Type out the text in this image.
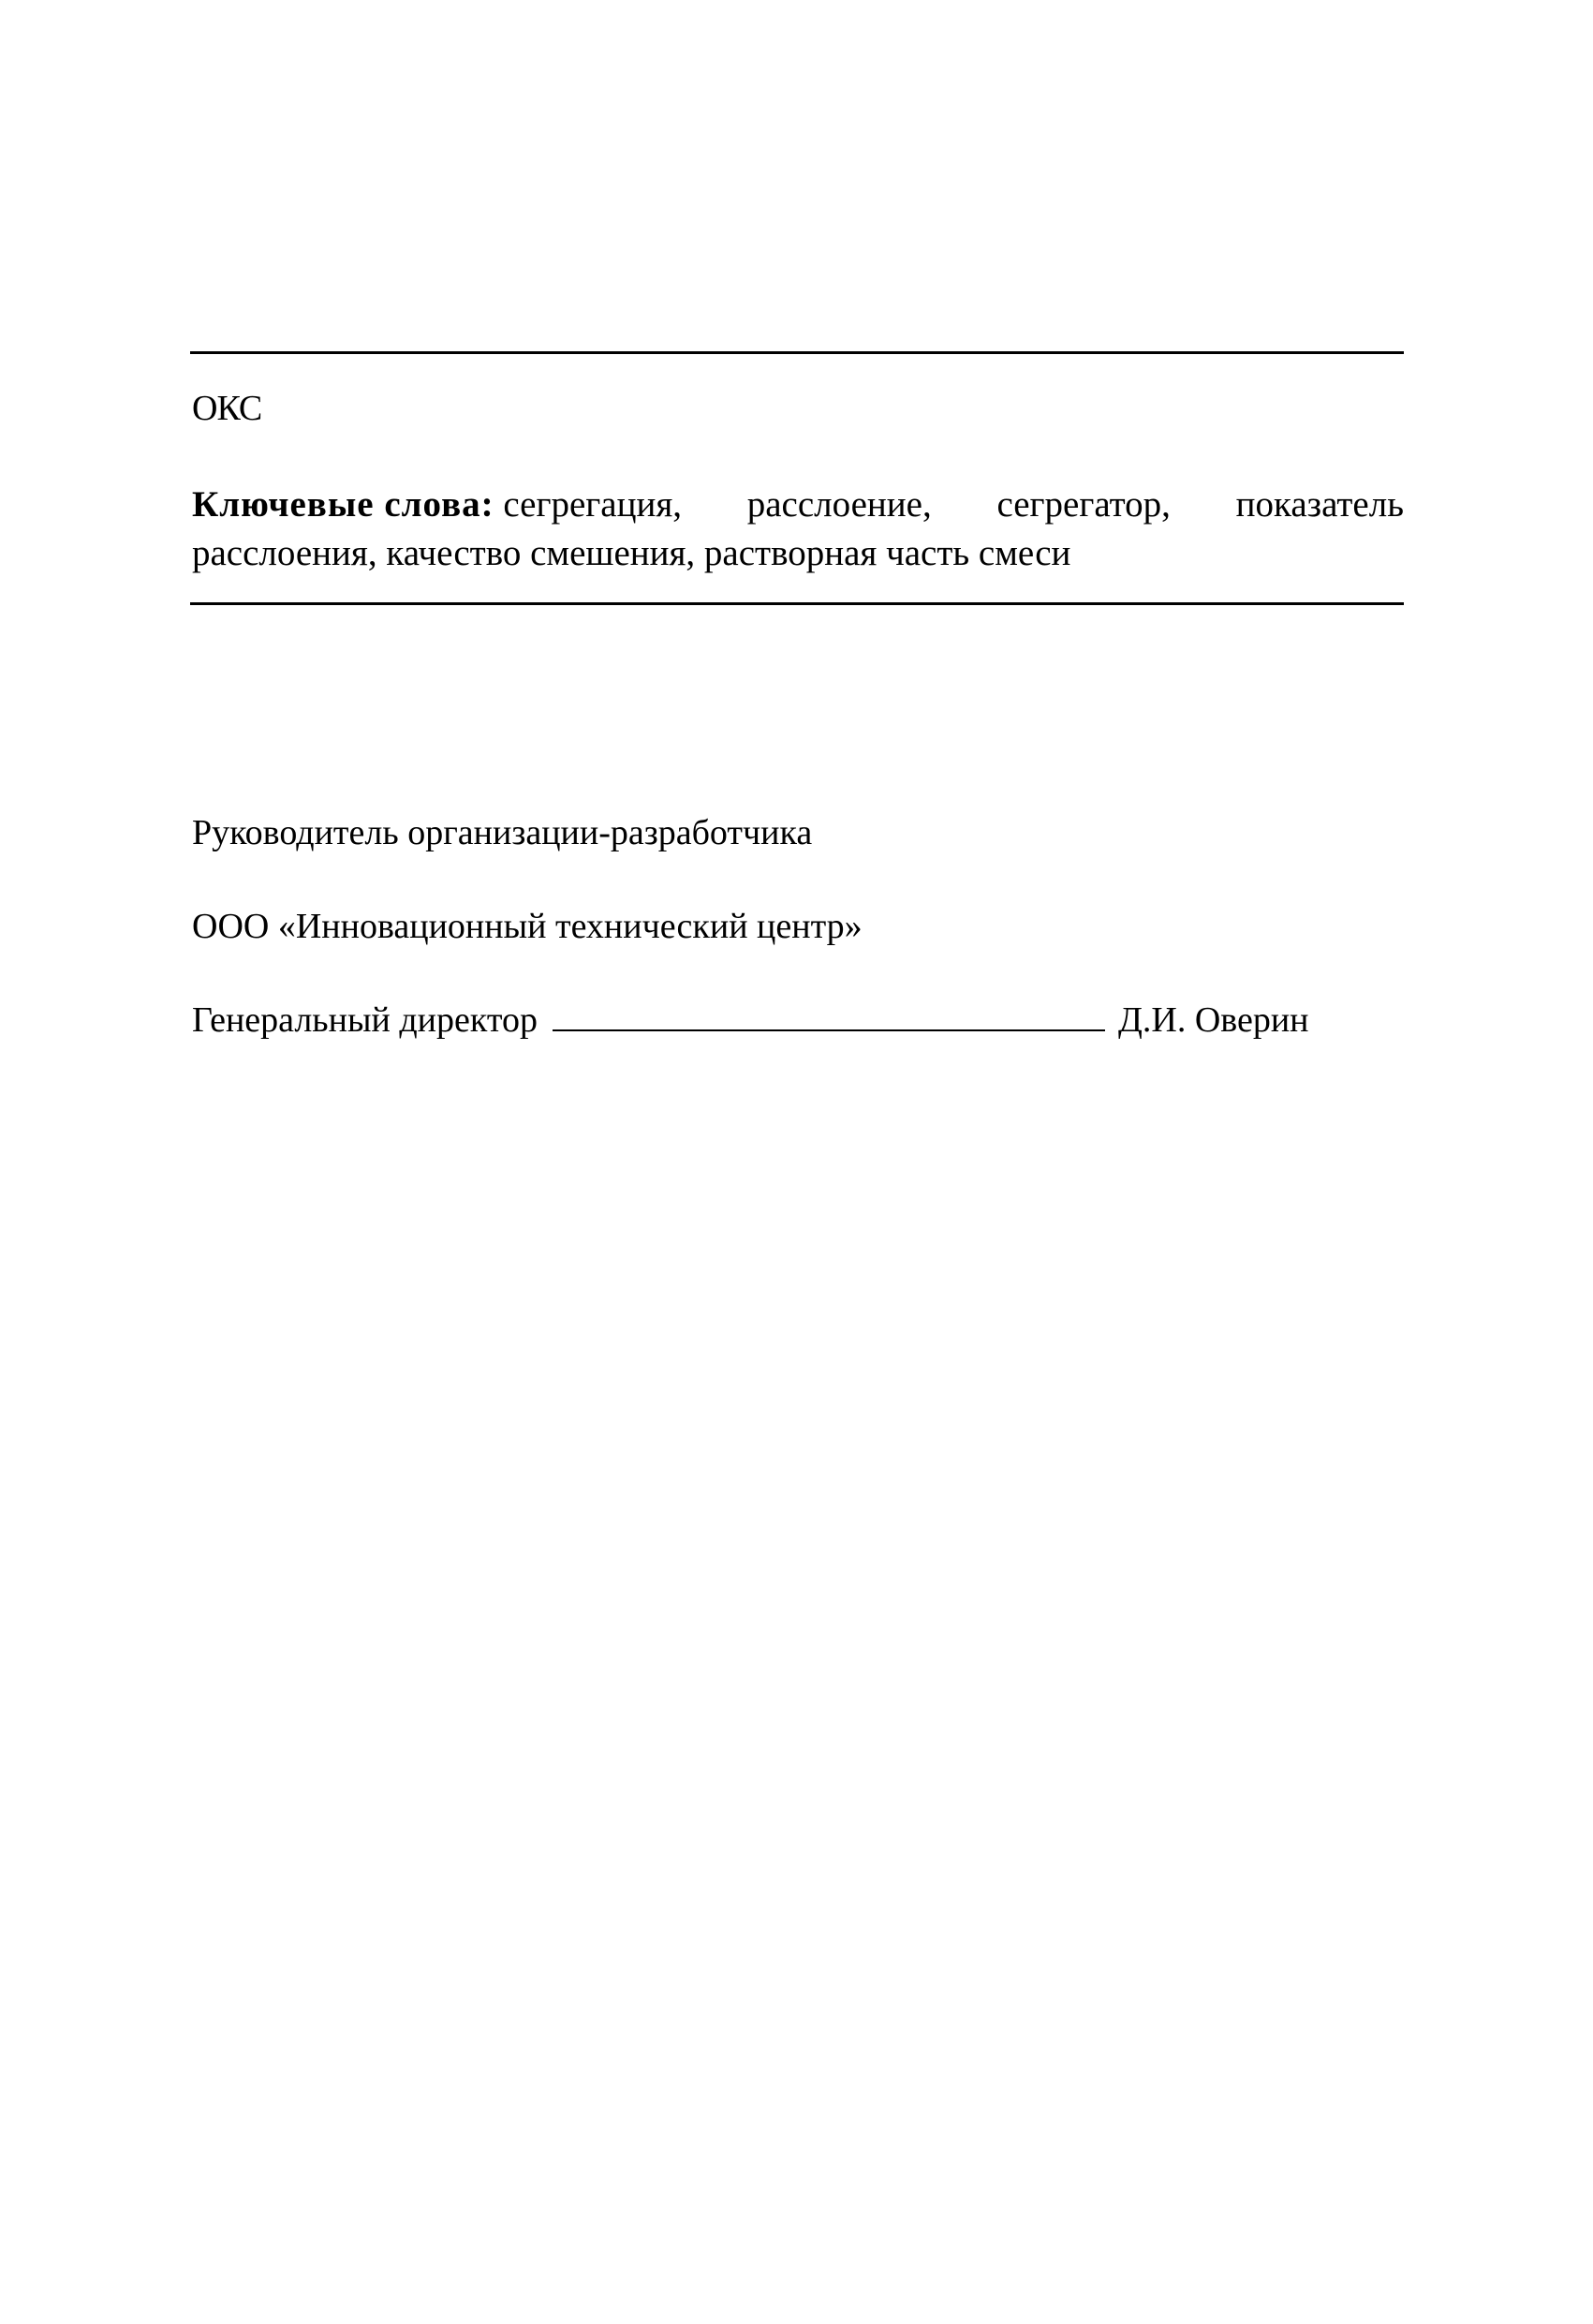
ОКС
Ключевые слова: сегрегация, расслоение, сегрегатор, показатель
расслоения, качество смешения, растворная часть смеси
Руководитель организации-разработчика
ООО «Инновационный технический центр»
Генеральный директор	Д.И. Оверин
